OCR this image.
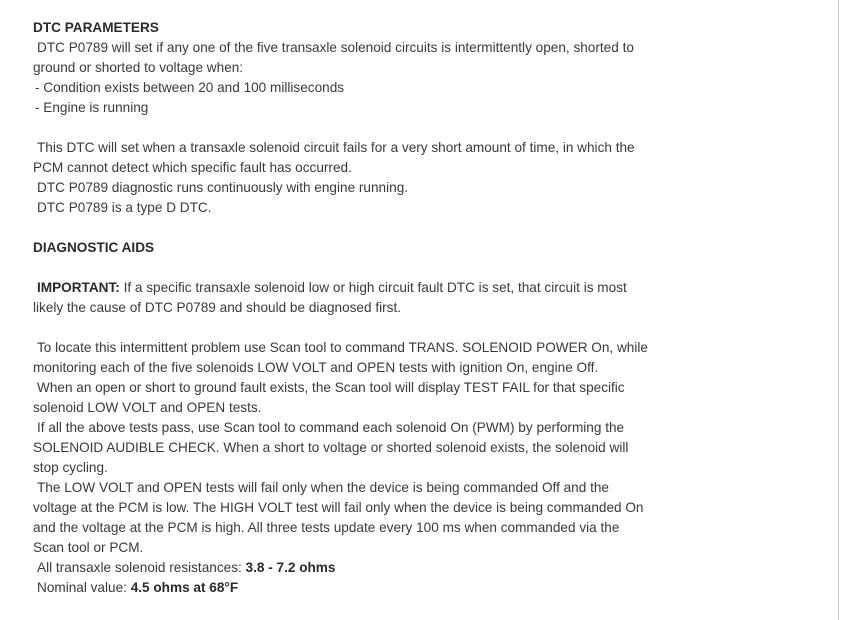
DTC PARAMETERS
DTC P0789 will set if any one of the five transaxle solenoid circuits is intermittently open, shorted to
ground or shorted to voltage when:
- Condition exists between 20 and 100 milliseconds
- Engine is running
This DTC will set when a transaxle solenoid circuit fails for a very short amount of time, in which the
PCM cannot detect which specific fault has occurred.
DTC P0789 diagnostic runs continuously with engine running.
DTC P0789 is a type D DTC.
DIAGNOSTIC AIDS
IMPORTANT: If a specific transaxle solenoid low or high circuit fault DTC is set, that circuit is most
likely the cause of DTC P0789 and should be diagnosed first.
To locate this intermittent problem use Scan tool to command TRANS. SOLENOID POWER On, while
monitoring each of the five solenoids LOW VOLT and OPEN tests with ignition On, engine Off.
When an open or short to ground fault exists, the Scan tool will display TEST FAIL for that specific
solenoid LOW VOLT and OPEN tests.
If all the above tests pass, use Scan tool to command each solenoid On (PWM) by performing the
SOLENOID AUDIBLE CHECK. When a short to voltage or shorted solenoid exists, the solenoid will
stop cycling.
The LOW VOLT and OPEN tests will fail only when the device is being commanded Off and the
voltage at the PCM is low. The HIGH VOLT test will fail only when the device is being commanded On
and the voltage at the PCM is high. All three tests update every 100 ms when commanded via the
Scan tool or PCM.
All transaxle solenoid resistances: 3.8 - 7.2 ohms
Nominal value: 4.5 ohms at 68°F
